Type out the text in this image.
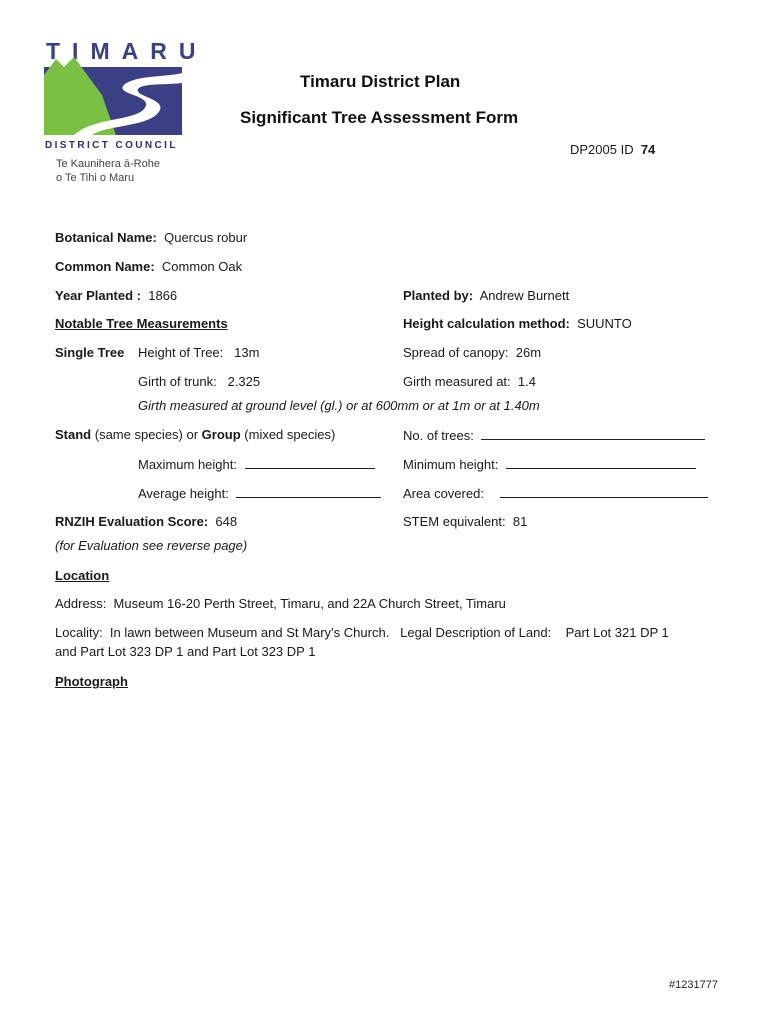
TIMARU
DISTRICT COUNCIL
Te Kaunihera ā-Rohe
o Te Tihi o Maru
Timaru District Plan
Significant Tree Assessment Form
DP2005 ID 74
Botanical Name: Quercus robur
Common Name: Common Oak
Year Planted : 1866	Planted by: Andrew Burnett
Notable Tree Measurements	Height calculation method: SUUNTO
Single Tree Height of Tree: 13m	Spread of canopy: 26m
Girth of trunk: 2.325	Girth measured at: 1.4
Girth measured at ground level (gl.) or at 600mm or at 1m or at 1.40m
Stand (same species) or Group (mixed species)	No. of trees:
Maximum height:	Minimum height:
Average height:	Area covered:
RNZIH Evaluation Score: 648	STEM equivalent: 81
(for Evaluation see reverse page)
Location
Address: Museum 16-20 Perth Street, Timaru, and 22A Church Street, Timaru
Locality:  In lawn between Museum and St Mary’s Church.   Legal Description of Land:    Part Lot 321 DP 1
and Part Lot 323 DP 1 and Part Lot 323 DP 1
Photograph
#1231777
